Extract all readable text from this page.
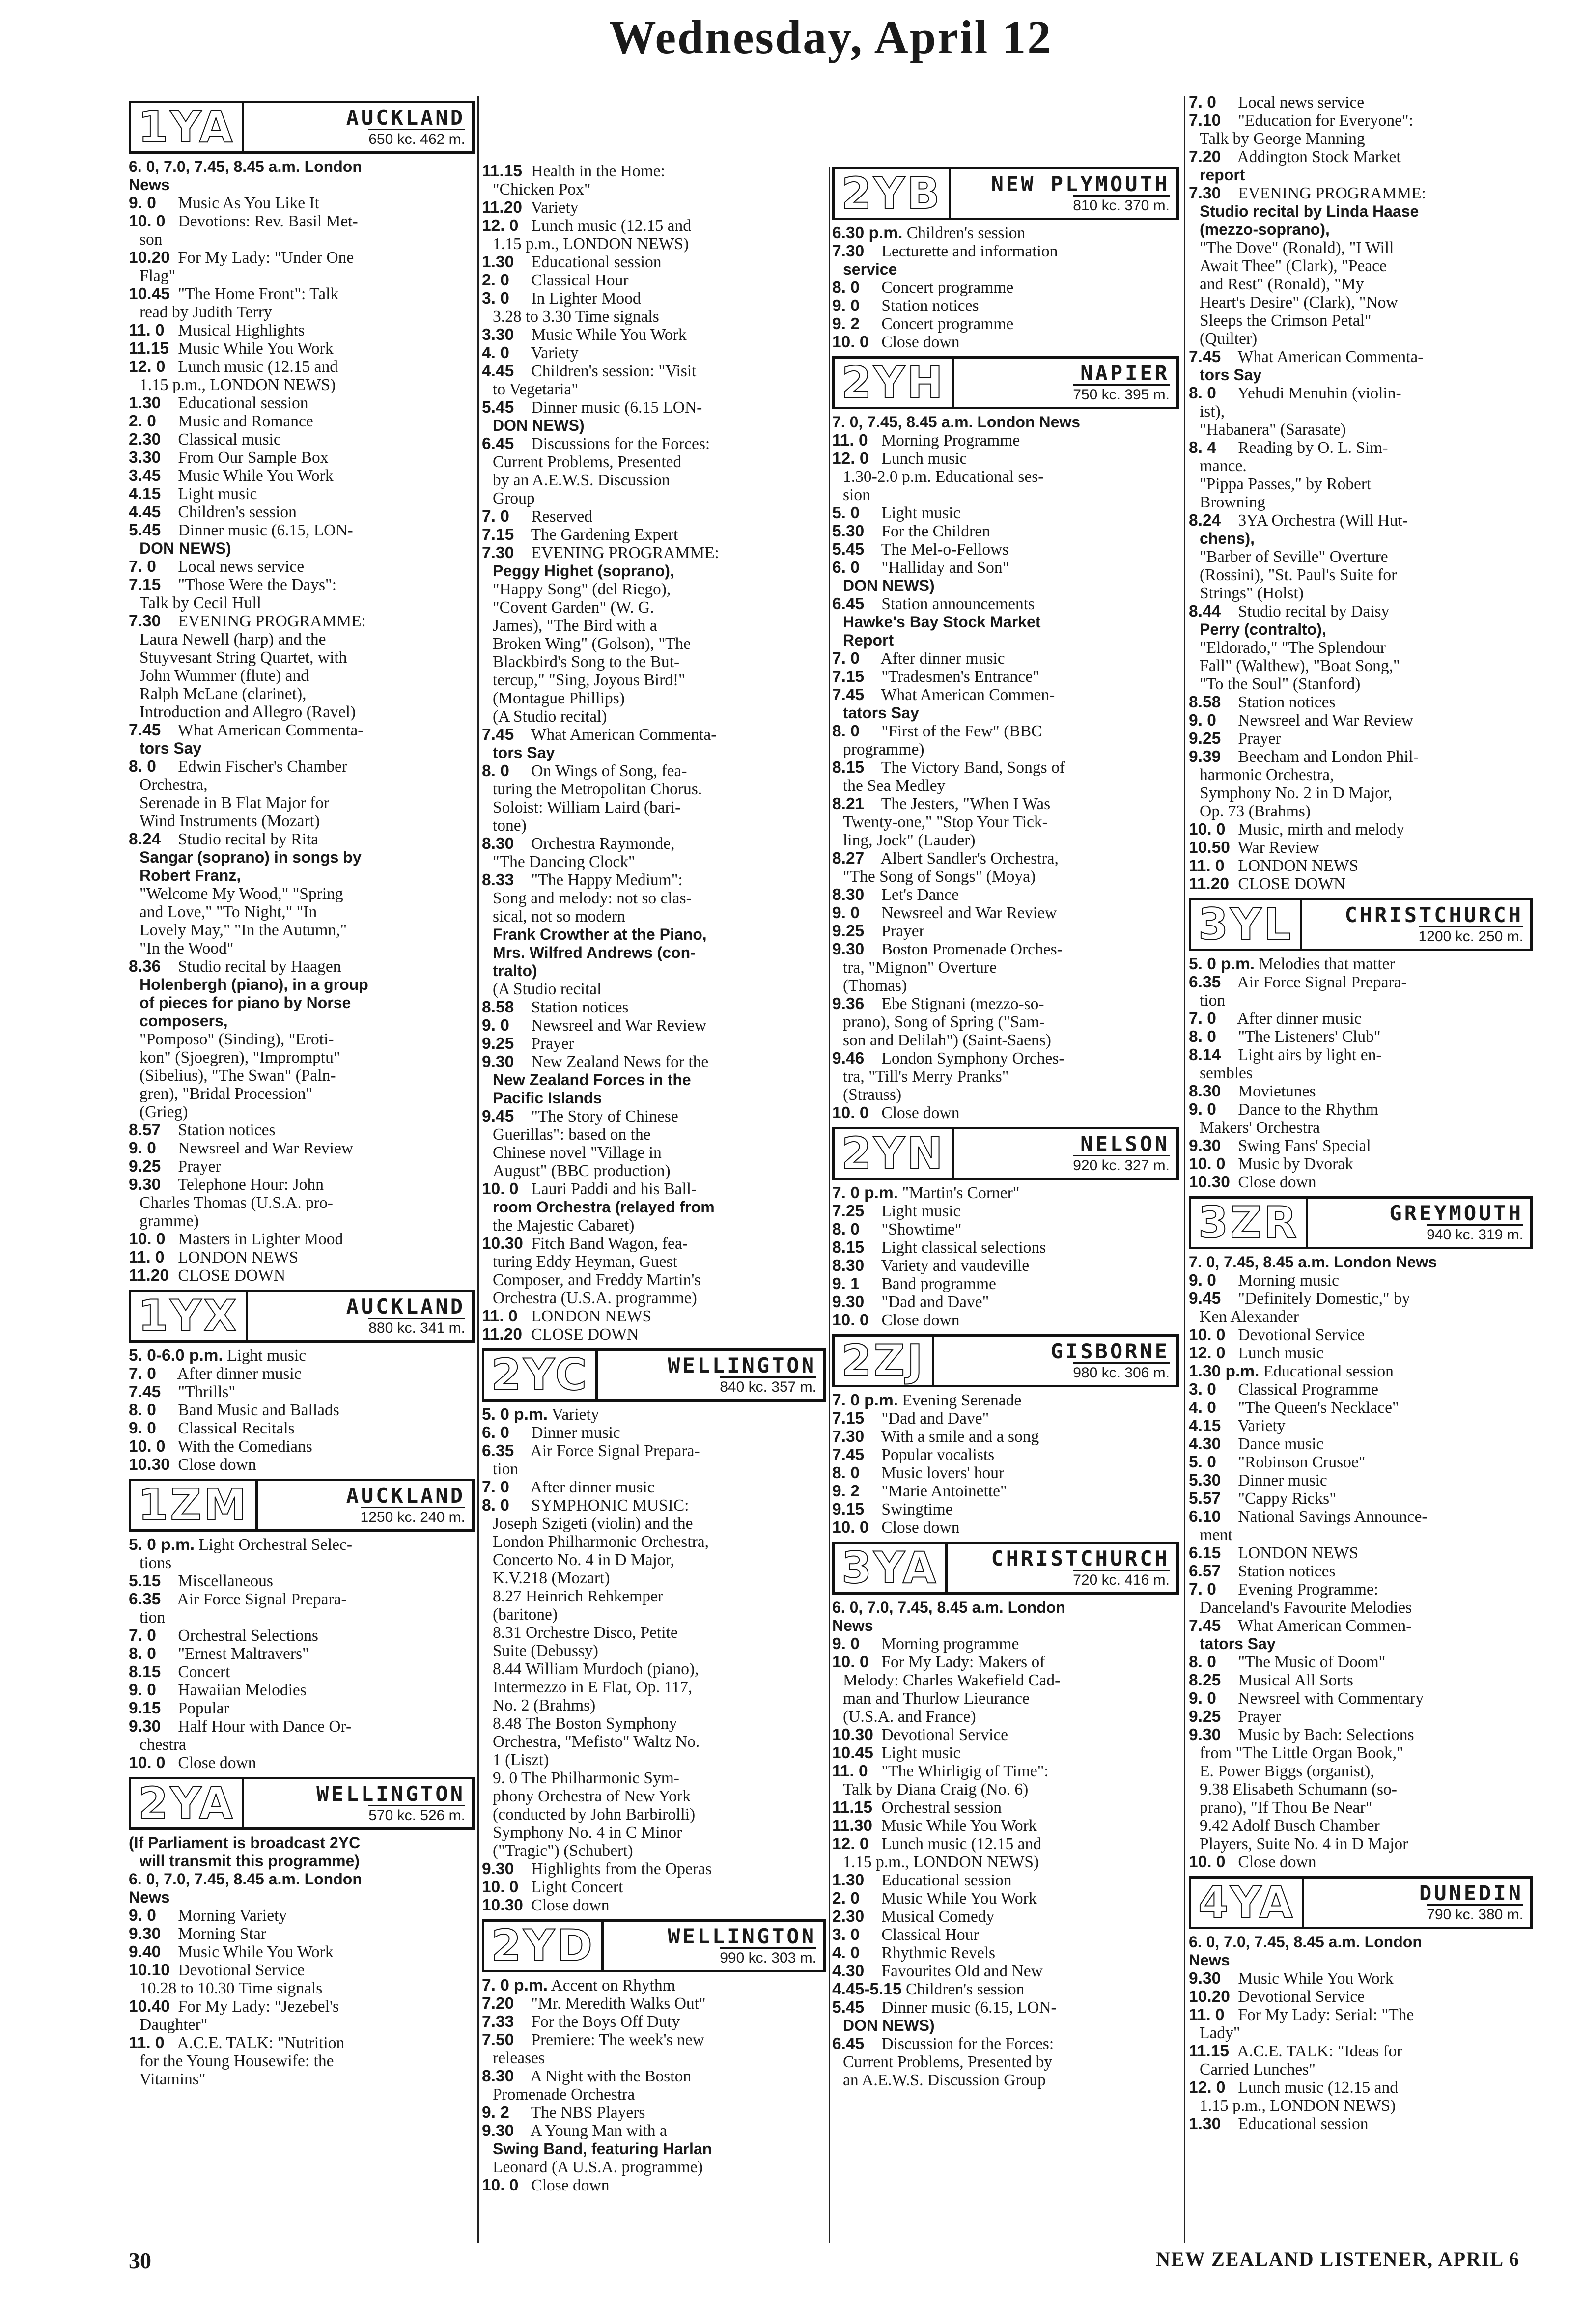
Wednesday, April 12
1YA	AUCKLAND
650 kc. 462 m.
6. 0, 7.0, 7.45, 8.45 a.m. London
News
9. 0 Music As You Like It
10. 0 Devotions: Rev. Basil Met-
son
10.20 For My Lady: "Under One
Flag"
10.45 "The Home Front": Talk
read by Judith Terry
11. 0 Musical Highlights
11.15 Music While You Work
12. 0 Lunch music (12.15 and
1.15 p.m., LONDON NEWS)
1.30 Educational session
2. 0 Music and Romance
2.30 Classical music
3.30 From Our Sample Box
3.45 Music While You Work
4.15 Light music
4.45 Children's session
5.45 Dinner music (6.15, LON-
DON NEWS)
7. 0 Local news service
7.15 "Those Were the Days":
Talk by Cecil Hull
7.30 EVENING PROGRAMME:
Laura Newell (harp) and the
Stuyvesant String Quartet, with
John Wummer (flute) and
Ralph McLane (clarinet),
Introduction and Allegro (Ravel)
7.45 What American Commenta-
tors Say
8. 0 Edwin Fischer's Chamber
Orchestra,
Serenade in B Flat Major for
Wind Instruments (Mozart)
8.24 Studio recital by Rita
Sangar (soprano) in songs by
Robert Franz,
"Welcome My Wood," "Spring
and Love," "To Night," "In
Lovely May," "In the Autumn,"
"In the Wood"
8.36 Studio recital by Haagen
Holenbergh (piano), in a group
of pieces for piano by Norse
composers,
"Pomposo" (Sinding), "Eroti-
kon" (Sjoegren), "Impromptu"
(Sibelius), "The Swan" (Paln-
gren), "Bridal Procession"
(Grieg)
8.57 Station notices
9. 0 Newsreel and War Review
9.25 Prayer
9.30 Telephone Hour: John
Charles Thomas (U.S.A. pro-
gramme)
10. 0 Masters in Lighter Mood
11. 0 LONDON NEWS
11.20 CLOSE DOWN
1YX	AUCKLAND
880 kc. 341 m.
5. 0-6.0 p.m. Light music
7. 0 After dinner music
7.45 "Thrills"
8. 0 Band Music and Ballads
9. 0 Classical Recitals
10. 0 With the Comedians
10.30 Close down
1ZM	AUCKLAND
1250 kc. 240 m.
5. 0 p.m. Light Orchestral Selec-
tions
5.15 Miscellaneous
6.35 Air Force Signal Prepara-
tion
7. 0 Orchestral Selections
8. 0 "Ernest Maltravers"
8.15 Concert
9. 0 Hawaiian Melodies
9.15 Popular
9.30 Half Hour with Dance Or-
chestra
10. 0 Close down
2YA	WELLINGTON
570 kc. 526 m.
(If Parliament is broadcast 2YC
will transmit this programme)
6. 0, 7.0, 7.45, 8.45 a.m. London
News
9. 0 Morning Variety
9.30 Morning Star
9.40 Music While You Work
10.10 Devotional Service
10.28 to 10.30 Time signals
10.40 For My Lady: "Jezebel's
Daughter"
11. 0 A.C.E. TALK: "Nutrition
for the Young Housewife: the
Vitamins"
11.15 Health in the Home:
"Chicken Pox"
11.20 Variety
12. 0 Lunch music (12.15 and
1.15 p.m., LONDON NEWS)
1.30 Educational session
2. 0 Classical Hour
3. 0 In Lighter Mood
3.28 to 3.30 Time signals
3.30 Music While You Work
4. 0 Variety
4.45 Children's session: "Visit
to Vegetaria"
5.45 Dinner music (6.15 LON-
DON NEWS)
6.45 Discussions for the Forces:
Current Problems, Presented
by an A.E.W.S. Discussion
Group
7. 0 Reserved
7.15 The Gardening Expert
7.30 EVENING PROGRAMME:
Peggy Highet (soprano),
"Happy Song" (del Riego),
"Covent Garden" (W. G.
James), "The Bird with a
Broken Wing" (Golson), "The
Blackbird's Song to the But-
tercup," "Sing, Joyous Bird!"
(Montague Phillips)
(A Studio recital)
7.45 What American Commenta-
tors Say
8. 0 On Wings of Song, fea-
turing the Metropolitan Chorus.
Soloist: William Laird (bari-
tone)
8.30 Orchestra Raymonde,
"The Dancing Clock"
8.33 "The Happy Medium":
Song and melody: not so clas-
sical, not so modern
Frank Crowther at the Piano,
Mrs. Wilfred Andrews (con-
tralto)
(A Studio recital
8.58 Station notices
9. 0 Newsreel and War Review
9.25 Prayer
9.30 New Zealand News for the
New Zealand Forces in the
Pacific Islands
9.45 "The Story of Chinese
Guerillas": based on the
Chinese novel "Village in
August" (BBC production)
10. 0 Lauri Paddi and his Ball-
room Orchestra (relayed from
the Majestic Cabaret)
10.30 Fitch Band Wagon, fea-
turing Eddy Heyman, Guest
Composer, and Freddy Martin's
Orchestra (U.S.A. programme)
11. 0 LONDON NEWS
11.20 CLOSE DOWN
2YC	WELLINGTON
840 kc. 357 m.
5. 0 p.m. Variety
6. 0 Dinner music
6.35 Air Force Signal Prepara-
tion
7. 0 After dinner music
8. 0 SYMPHONIC MUSIC:
Joseph Szigeti (violin) and the
London Philharmonic Orchestra,
Concerto No. 4 in D Major,
K.V.218 (Mozart)
8.27 Heinrich Rehkemper
(baritone)
8.31 Orchestre Disco, Petite
Suite (Debussy)
8.44 William Murdoch (piano),
Intermezzo in E Flat, Op. 117,
No. 2 (Brahms)
8.48 The Boston Symphony
Orchestra, "Mefisto" Waltz No.
1 (Liszt)
9. 0 The Philharmonic Sym-
phony Orchestra of New York
(conducted by John Barbirolli)
Symphony No. 4 in C Minor
("Tragic") (Schubert)
9.30 Highlights from the Operas
10. 0 Light Concert
10.30 Close down
2YD	WELLINGTON
990 kc. 303 m.
7. 0 p.m. Accent on Rhythm
7.20 "Mr. Meredith Walks Out"
7.33 For the Boys Off Duty
7.50 Premiere: The week's new
releases
8.30 A Night with the Boston
Promenade Orchestra
9. 2 The NBS Players
9.30 A Young Man with a
Swing Band, featuring Harlan
Leonard (A U.S.A. programme)
10. 0 Close down
2YB	NEW PLYMOUTH
810 kc. 370 m.
6.30 p.m. Children's session
7.30 Lecturette and information
service
8. 0 Concert programme
9. 0 Station notices
9. 2 Concert programme
10. 0 Close down
2YH	NAPIER
750 kc. 395 m.
7. 0, 7.45, 8.45 a.m. London News
11. 0 Morning Programme
12. 0 Lunch music
1.30-2.0 p.m. Educational ses-
sion
5. 0 Light music
5.30 For the Children
5.45 The Mel-o-Fellows
6. 0 "Halliday and Son"
DON NEWS)
6.45 Station announcements
Hawke's Bay Stock Market
Report
7. 0 After dinner music
7.15 "Tradesmen's Entrance"
7.45 What American Commen-
tators Say
8. 0 "First of the Few" (BBC
programme)
8.15 The Victory Band, Songs of
the Sea Medley
8.21 The Jesters, "When I Was
Twenty-one," "Stop Your Tick-
ling, Jock" (Lauder)
8.27 Albert Sandler's Orchestra,
"The Song of Songs" (Moya)
8.30 Let's Dance
9. 0 Newsreel and War Review
9.25 Prayer
9.30 Boston Promenade Orches-
tra, "Mignon" Overture
(Thomas)
9.36 Ebe Stignani (mezzo-so-
prano), Song of Spring ("Sam-
son and Delilah") (Saint-Saens)
9.46 London Symphony Orches-
tra, "Till's Merry Pranks"
(Strauss)
10. 0 Close down
2YN	NELSON
920 kc. 327 m.
7. 0 p.m. "Martin's Corner"
7.25 Light music
8. 0 "Showtime"
8.15 Light classical selections
8.30 Variety and vaudeville
9. 1 Band programme
9.30 "Dad and Dave"
10. 0 Close down
2ZJ	GISBORNE
980 kc. 306 m.
7. 0 p.m. Evening Serenade
7.15 "Dad and Dave"
7.30 With a smile and a song
7.45 Popular vocalists
8. 0 Music lovers' hour
9. 2 "Marie Antoinette"
9.15 Swingtime
10. 0 Close down
3YA	CHRISTCHURCH
720 kc. 416 m.
6. 0, 7.0, 7.45, 8.45 a.m. London
News
9. 0 Morning programme
10. 0 For My Lady: Makers of
Melody: Charles Wakefield Cad-
man and Thurlow Lieurance
(U.S.A. and France)
10.30 Devotional Service
10.45 Light music
11. 0 "The Whirligig of Time":
Talk by Diana Craig (No. 6)
11.15 Orchestral session
11.30 Music While You Work
12. 0 Lunch music (12.15 and
1.15 p.m., LONDON NEWS)
1.30 Educational session
2. 0 Music While You Work
2.30 Musical Comedy
3. 0 Classical Hour
4. 0 Rhythmic Revels
4.30 Favourites Old and New
4.45-5.15 Children's session
5.45 Dinner music (6.15, LON-
DON NEWS)
6.45 Discussion for the Forces:
Current Problems, Presented by
an A.E.W.S. Discussion Group
7. 0 Local news service
7.10 "Education for Everyone":
Talk by George Manning
7.20 Addington Stock Market
report
7.30 EVENING PROGRAMME:
Studio recital by Linda Haase
(mezzo-soprano),
"The Dove" (Ronald), "I Will
Await Thee" (Clark), "Peace
and Rest" (Ronald), "My
Heart's Desire" (Clark), "Now
Sleeps the Crimson Petal"
(Quilter)
7.45 What American Commenta-
tors Say
8. 0 Yehudi Menuhin (violin-
ist),
"Habanera" (Sarasate)
8. 4 Reading by O. L. Sim-
mance.
"Pippa Passes," by Robert
Browning
8.24 3YA Orchestra (Will Hut-
chens),
"Barber of Seville" Overture
(Rossini), "St. Paul's Suite for
Strings" (Holst)
8.44 Studio recital by Daisy
Perry (contralto),
"Eldorado," "The Splendour
Fall" (Walthew), "Boat Song,"
"To the Soul" (Stanford)
8.58 Station notices
9. 0 Newsreel and War Review
9.25 Prayer
9.39 Beecham and London Phil-
harmonic Orchestra,
Symphony No. 2 in D Major,
Op. 73 (Brahms)
10. 0 Music, mirth and melody
10.50 War Review
11. 0 LONDON NEWS
11.20 CLOSE DOWN
3YL	CHRISTCHURCH
1200 kc. 250 m.
5. 0 p.m. Melodies that matter
6.35 Air Force Signal Prepara-
tion
7. 0 After dinner music
8. 0 "The Listeners' Club"
8.14 Light airs by light en-
sembles
8.30 Movietunes
9. 0 Dance to the Rhythm
Makers' Orchestra
9.30 Swing Fans' Special
10. 0 Music by Dvorak
10.30 Close down
3ZR	GREYMOUTH
940 kc. 319 m.
7. 0, 7.45, 8.45 a.m. London News
9. 0 Morning music
9.45 "Definitely Domestic," by
Ken Alexander
10. 0 Devotional Service
12. 0 Lunch music
1.30 p.m. Educational session
3. 0 Classical Programme
4. 0 "The Queen's Necklace"
4.15 Variety
4.30 Dance music
5. 0 "Robinson Crusoe"
5.30 Dinner music
5.57 "Cappy Ricks"
6.10 National Savings Announce-
ment
6.15 LONDON NEWS
6.57 Station notices
7. 0 Evening Programme:
Danceland's Favourite Melodies
7.45 What American Commen-
tators Say
8. 0 "The Music of Doom"
8.25 Musical All Sorts
9. 0 Newsreel with Commentary
9.25 Prayer
9.30 Music by Bach: Selections
from "The Little Organ Book,"
E. Power Biggs (organist),
9.38 Elisabeth Schumann (so-
prano), "If Thou Be Near"
9.42 Adolf Busch Chamber
Players, Suite No. 4 in D Major
10. 0 Close down
4YA	DUNEDIN
790 kc. 380 m.
6. 0, 7.0, 7.45, 8.45 a.m. London
News
9.30 Music While You Work
10.20 Devotional Service
11. 0 For My Lady: Serial: "The
Lady"
11.15 A.C.E. TALK: "Ideas for
Carried Lunches"
12. 0 Lunch music (12.15 and
1.15 p.m., LONDON NEWS)
1.30 Educational session
30	NEW ZEALAND LISTENER, APRIL 6
